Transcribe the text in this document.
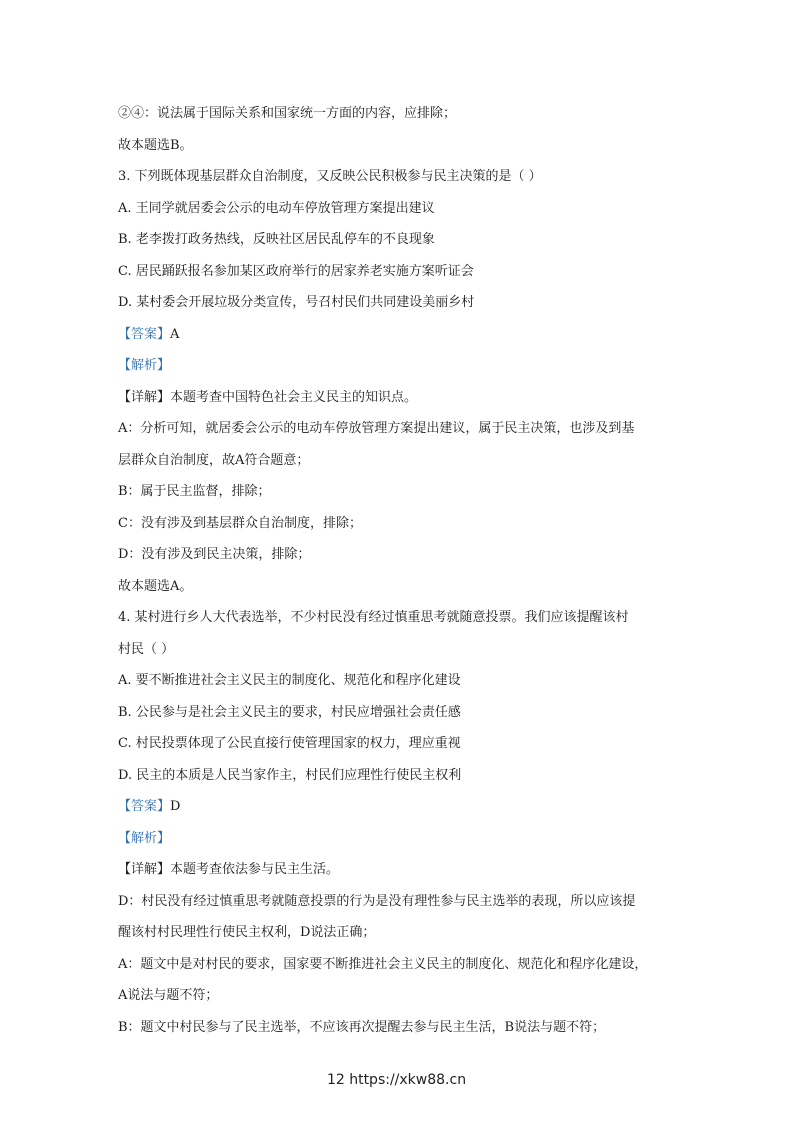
②④：说法属于国际关系和国家统一方面的内容，应排除；
故本题选B。
3. 下列既体现基层群众自治制度，又反映公民积极参与民主决策的是（ ）
A. 王同学就居委会公示的电动车停放管理方案提出建议
B. 老李拨打政务热线，反映社区居民乱停车的不良现象
C. 居民踊跃报名参加某区政府举行的居家养老实施方案听证会
D. 某村委会开展垃圾分类宣传，号召村民们共同建设美丽乡村
【答案】A
【解析】
【详解】本题考查中国特色社会主义民主的知识点。
A：分析可知，就居委会公示的电动车停放管理方案提出建议，属于民主决策，也涉及到基
层群众自治制度，故A符合题意；
B：属于民主监督，排除；
C：没有涉及到基层群众自治制度，排除；
D：没有涉及到民主决策，排除；
故本题选A。
4. 某村进行乡人大代表选举，不少村民没有经过慎重思考就随意投票。我们应该提醒该村
村民（ ）
A. 要不断推进社会主义民主的制度化、规范化和程序化建设
B. 公民参与是社会主义民主的要求，村民应增强社会责任感
C. 村民投票体现了公民直接行使管理国家的权力，理应重视
D. 民主的本质是人民当家作主，村民们应理性行使民主权利
【答案】D
【解析】
【详解】本题考查依法参与民主生活。
D：村民没有经过慎重思考就随意投票的行为是没有理性参与民主选举的表现，所以应该提
醒该村村民理性行使民主权利，D说法正确；
A：题文中是对村民的要求，国家要不断推进社会主义民主的制度化、规范化和程序化建设，
A说法与题不符；
B：题文中村民参与了民主选举，不应该再次提醒去参与民主生活，B说法与题不符；
12 https://xkw88.cn
